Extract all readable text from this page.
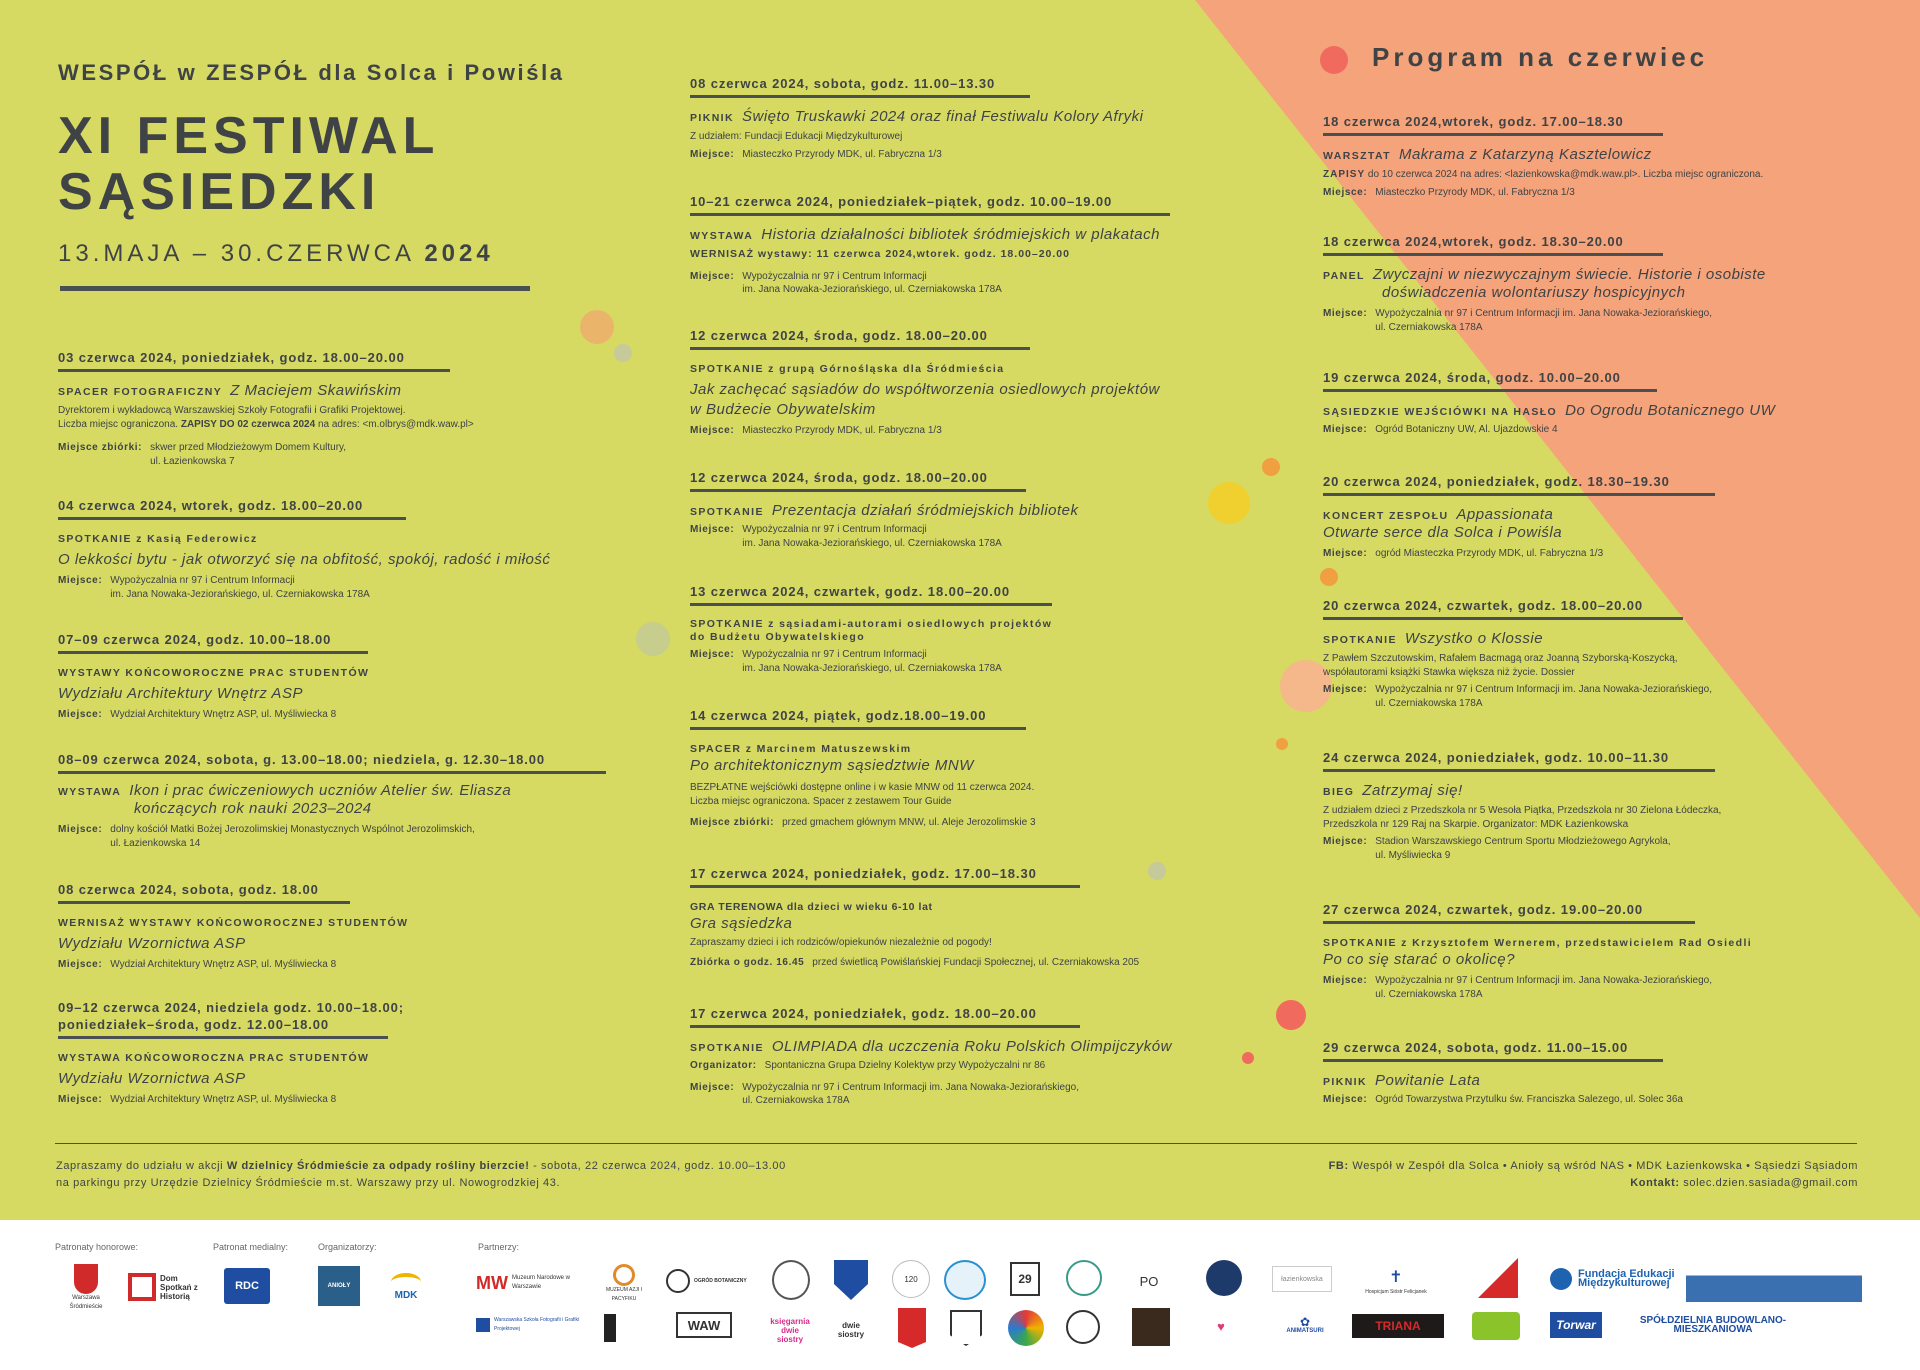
WESPÓŁ w ZESPÓŁ dla Solca i Powiśla
XI FESTIWAL
SĄSIEDZKI
13.MAJA – 30.CZERWCA 2024
Program na czerwiec
03 czerwca 2024, poniedziałek, godz. 18.00–20.00
SPACER FOTOGRAFICZNY Z Maciejem Skawińskim
Dyrektorem i wykładowcą Warszawskiej Szkoły Fotografii i Grafiki Projektowej.
Liczba miejsc ograniczona. ZAPISY DO 02 czerwca 2024 na adres: <m.olbrys@mdk.waw.pl>
Miejsce zbiórki: skwer przed Młodzieżowym Domem Kultury,
ul. Łazienkowska 7
04 czerwca 2024, wtorek, godz. 18.00–20.00
SPOTKANIE z Kasią Federowicz
O lekkości bytu - jak otworzyć się na obfitość, spokój, radość i miłość
Miejsce: Wypożyczalnia nr 97 i Centrum Informacji
im. Jana Nowaka-Jeziorańskiego, ul. Czerniakowska 178A
07–09 czerwca 2024, godz. 10.00–18.00
WYSTAWY KOŃCOWOROCZNE PRAC STUDENTÓW
Wydziału Architektury Wnętrz ASP
Miejsce: Wydział Architektury Wnętrz ASP, ul. Myśliwiecka 8
08–09 czerwca 2024, sobota, g. 13.00–18.00; niedziela, g. 12.30–18.00
WYSTAWA Ikon i prac ćwiczeniowych uczniów Atelier św. Eliasza
kończących rok nauki 2023–2024
Miejsce: dolny kościół Matki Bożej Jerozolimskiej Monastycznych Wspólnot Jerozolimskich,
ul. Łazienkowska 14
08 czerwca 2024, sobota, godz. 18.00
WERNISAŻ WYSTAWY KOŃCOWOROCZNEJ STUDENTÓW
Wydziału Wzornictwa ASP
Miejsce: Wydział Architektury Wnętrz ASP, ul. Myśliwiecka 8
09–12 czerwca 2024, niedziela godz. 10.00–18.00;
poniedziałek–środa, godz. 12.00–18.00
WYSTAWA KOŃCOWOROCZNA PRAC STUDENTÓW
Wydziału Wzornictwa ASP
Miejsce: Wydział Architektury Wnętrz ASP, ul. Myśliwiecka 8
08 czerwca 2024, sobota, godz. 11.00–13.30
PIKNIK Święto Truskawki 2024 oraz finał Festiwalu Kolory Afryki
Z udziałem: Fundacji Edukacji Międzykulturowej
Miejsce: Miasteczko Przyrody MDK, ul. Fabryczna 1/3
10–21 czerwca 2024, poniedziałek–piątek, godz. 10.00–19.00
WYSTAWA Historia działalności bibliotek śródmiejskich w plakatach
WERNISAŻ wystawy: 11 czerwca 2024,wtorek. godz. 18.00–20.00
Miejsce: Wypożyczalnia nr 97 i Centrum Informacji
im. Jana Nowaka-Jeziorańskiego, ul. Czerniakowska 178A
12 czerwca 2024, środa, godz. 18.00–20.00
SPOTKANIE z grupą Górnośląska dla Śródmieścia
Jak zachęcać sąsiadów do współtworzenia osiedlowych projektów
w Budżecie Obywatelskim
Miejsce: Miasteczko Przyrody MDK, ul. Fabryczna 1/3
12 czerwca 2024, środa, godz. 18.00–20.00
SPOTKANIE Prezentacja działań śródmiejskich bibliotek
Miejsce: Wypożyczalnia nr 97 i Centrum Informacji
im. Jana Nowaka-Jeziorańskiego, ul. Czerniakowska 178A
13 czerwca 2024, czwartek, godz. 18.00–20.00
SPOTKANIE z sąsiadami-autorami osiedlowych projektów
do Budżetu Obywatelskiego
Miejsce: Wypożyczalnia nr 97 i Centrum Informacji
im. Jana Nowaka-Jeziorańskiego, ul. Czerniakowska 178A
14 czerwca 2024, piątek, godz.18.00–19.00
SPACER z Marcinem Matuszewskim
Po architektonicznym sąsiedztwie MNW
BEZPŁATNE wejściówki dostępne online i w kasie MNW od 11 czerwca 2024.
Liczba miejsc ograniczona. Spacer z zestawem Tour Guide
Miejsce zbiórki: przed gmachem głównym MNW, ul. Aleje Jerozolimskie 3
17 czerwca 2024, poniedziałek, godz. 17.00–18.30
GRA TERENOWA dla dzieci w wieku 6-10 lat
Gra sąsiedzka
Zapraszamy dzieci i ich rodziców/opiekunów niezależnie od pogody!
Zbiórka o godz. 16.45 przed świetlicą Powiślańskiej Fundacji Społecznej, ul. Czerniakowska 205
17 czerwca 2024, poniedziałek, godz. 18.00–20.00
SPOTKANIE OLIMPIADA dla uczczenia Roku Polskich Olimpijczyków
Organizator: Spontaniczna Grupa Dzielny Kolektyw przy Wypożyczalni nr 86
Miejsce: Wypożyczalnia nr 97 i Centrum Informacji im. Jana Nowaka-Jeziorańskiego,
ul. Czerniakowska 178A
18 czerwca 2024,wtorek, godz. 17.00–18.30
WARSZTAT Makrama z Katarzyną Kasztelowicz
ZAPISY do 10 czerwca 2024 na adres: <lazienkowska@mdk.waw.pl>. Liczba miejsc ograniczona.
Miejsce: Miasteczko Przyrody MDK, ul. Fabryczna 1/3
18 czerwca 2024,wtorek, godz. 18.30–20.00
PANEL Zwyczajni w niezwyczajnym świecie. Historie i osobiste
doświadczenia wolontariuszy hospicyjnych
Miejsce: Wypożyczalnia nr 97 i Centrum Informacji im. Jana Nowaka-Jeziorańskiego,
ul. Czerniakowska 178A
19 czerwca 2024, środa, godz. 10.00–20.00
SĄSIEDZKIE WEJŚCIÓWKI NA HASŁO Do Ogrodu Botanicznego UW
Miejsce: Ogród Botaniczny UW, Al. Ujazdowskie 4
20 czerwca 2024, poniedziałek, godz. 18.30–19.30
KONCERT ZESPOŁU Appassionata
Otwarte serce dla Solca i Powiśla
Miejsce: ogród Miasteczka Przyrody MDK, ul. Fabryczna 1/3
20 czerwca 2024, czwartek, godz. 18.00–20.00
SPOTKANIE Wszystko o Klossie
Z Pawłem Szczutowskim, Rafałem Bacmagą oraz Joanną Szyborską-Koszycką,
współautorami książki Stawka większa niż życie. Dossier
Miejsce: Wypożyczalnia nr 97 i Centrum Informacji im. Jana Nowaka-Jeziorańskiego,
ul. Czerniakowska 178A
24 czerwca 2024, poniedziałek, godz. 10.00–11.30
BIEG Zatrzymaj się!
Z udziałem dzieci z Przedszkola nr 5 Wesoła Piątka, Przedszkola nr 30 Zielona Łódeczka,
Przedszkola nr 129 Raj na Skarpie. Organizator: MDK Łazienkowska
Miejsce: Stadion Warszawskiego Centrum Sportu Młodzieżowego Agrykola,
ul. Myśliwiecka 9
27 czerwca 2024, czwartek, godz. 19.00–20.00
SPOTKANIE z Krzysztofem Wernerem, przedstawicielem Rad Osiedli
Po co się starać o okolicę?
Miejsce: Wypożyczalnia nr 97 i Centrum Informacji im. Jana Nowaka-Jeziorańskiego,
ul. Czerniakowska 178A
29 czerwca 2024, sobota, godz. 11.00–15.00
PIKNIK Powitanie Lata
Miejsce: Ogród Towarzystwa Przytulku św. Franciszka Salezego, ul. Solec 36a
Zapraszamy do udziału w akcji W dzielnicy Śródmieście za odpady rośliny bierzcie! - sobota, 22 czerwca 2024, godz. 10.00–13.00
na parkingu przy Urzędzie Dzielnicy Śródmieście m.st. Warszawy przy ul. Nowogrodzkiej 43.
FB: Wespół w Zespół dla Solca • Anioły są wśród NAS • MDK Łazienkowska • Sąsiedzi Sąsiadom
Kontakt: solec.dzien.sasiada@gmail.com
Patronaty honorowe:	Patronat medialny:	Organizatorzy:	Partnerzy:
Warszawa Śródmieście
Dom Spotkań z Historią
RDC	ANIOŁY
MDK
MW Muzeum Narodowe w Warszawie	MUZEUM AZJI I PACYFIKU
OGRÓD BOTANICZNY	120	29	PO	łazienkowska	✝
Hospicjum Sióstr Felicjanek
Fundacja Edukacji Międzykulturowej
Warszawska Szkoła Fotografii i Grafiki Projektowej	WAW	księgarnia dwie siostry
dwie siostry
♥	✿
ANIMATSURI	TRIANA	Torwar	SPÓŁDZIELNIA BUDOWLANO-MIESZKANIOWA
